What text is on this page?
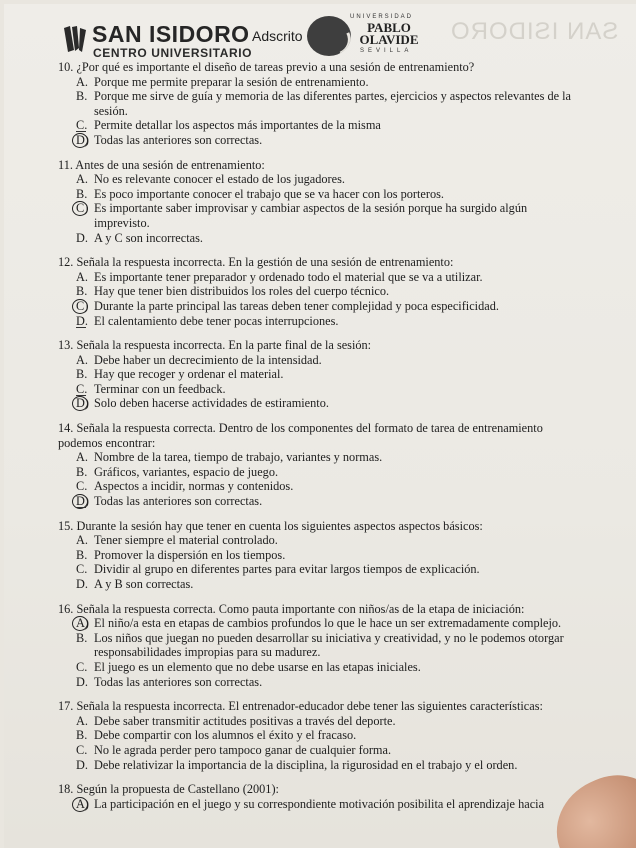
SAN ISIDORO
SAN ISIDORO
CENTRO UNIVERSITARIO
Adscrito
UNIVERSIDAD
PABLO
OLAVIDE
SEVILLA
10. ¿Por qué es importante el diseño de tareas previo a una sesión de entrenamiento?
A. Porque me permite preparar la sesión de entrenamiento.
B. Porque me sirve de guía y memoria de las diferentes partes, ejercicios y aspectos relevantes de la sesión.
C. Permite detallar los aspectos más importantes de la misma
D) Todas las anteriores son correctas.
11. Antes de una sesión de entrenamiento:
A. No es relevante conocer el estado de los jugadores.
B. Es poco importante conocer el trabajo que se va hacer con los porteros.
C) Es importante saber improvisar y cambiar aspectos de la sesión porque ha surgido algún imprevisto.
D. A y C son incorrectas.
12. Señala la respuesta incorrecta. En la gestión de una sesión de entrenamiento:
A. Es importante tener preparador y ordenado todo el material que se va a utilizar.
B. Hay que tener bien distribuidos los roles del cuerpo técnico.
C) Durante la parte principal las tareas deben tener complejidad y poca especificidad.
D. El calentamiento debe tener pocas interrupciones.
13. Señala la respuesta incorrecta. En la parte final de la sesión:
A. Debe haber un decrecimiento de la intensidad.
B. Hay que recoger y ordenar el material.
C. Terminar con un feedback.
D) Solo deben hacerse actividades de estiramiento.
14. Señala la respuesta correcta. Dentro de los componentes del formato de tarea de entrenamiento podemos encontrar:
A. Nombre de la tarea, tiempo de trabajo, variantes y normas.
B. Gráficos, variantes, espacio de juego.
C. Aspectos a incidir, normas y contenidos.
D) Todas las anteriores son correctas.
15. Durante la sesión hay que tener en cuenta los siguientes aspectos aspectos básicos:
A. Tener siempre el material controlado.
B. Promover la dispersión en los tiempos.
C. Dividir al grupo en diferentes partes para evitar largos tiempos de explicación.
D. A y B son correctas.
16. Señala la respuesta correcta. Como pauta importante con niños/as de la etapa de iniciación:
A) El niño/a esta en etapas de cambios profundos lo que le hace un ser extremadamente complejo.
B. Los niños que juegan no pueden desarrollar su iniciativa y creatividad, y no le podemos otorgar responsabilidades impropias para su madurez.
C. El juego es un elemento que no debe usarse en las etapas iniciales.
D. Todas las anteriores son correctas.
17. Señala la respuesta incorrecta. El entrenador-educador debe tener las siguientes características:
A. Debe saber transmitir actitudes positivas a través del deporte.
B. Debe compartir con los alumnos el éxito y el fracaso.
C. No le agrada perder pero tampoco ganar de cualquier forma.
D. Debe relativizar la importancia de la disciplina, la rigurosidad en el trabajo y el orden.
18. Según la propuesta de Castellano (2001):
A) La participación en el juego y su correspondiente motivación posibilita el aprendizaje hacia
